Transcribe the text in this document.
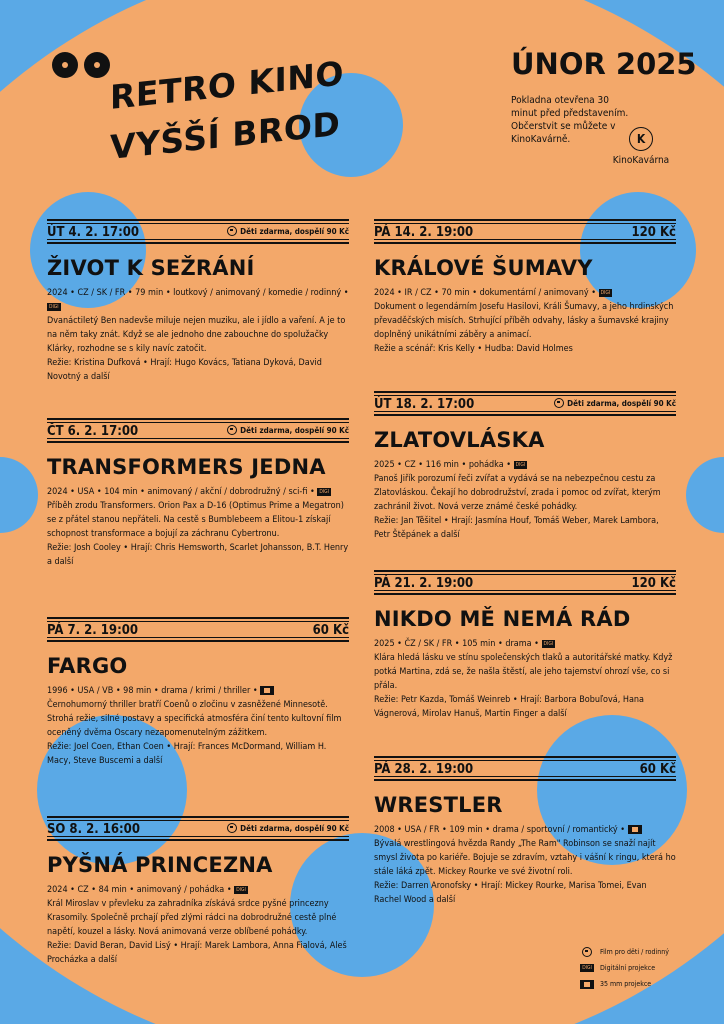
RETRO KINO
VYŠŠÍ BROD
ÚNOR 2025
Pokladna otevřena 30 minut před představením. Občerstvit se můžete v KinoKavárně.	K
KinoKavárna
Film pro děti / rodinný
DIGI Digitální projekce
35 mm projekce
ÚT 4. 2. 17:00	Děti zdarma, dospělí 90 Kč
ŽIVOT K SEŽRÁNÍ
2024 • CZ / SK / FR • 79 min • loutkový / animovaný / komedie / rodinný • DIGI
Dvanáctiletý Ben nadevše miluje nejen muziku, ale i jídlo a vaření. A je to na něm taky znát. Když se ale jednoho dne zabouchne do spolužačky Klárky, rozhodne se s kily navíc zatočit.
Režie: Kristina Dufková • Hrají: Hugo Kovács, Tatiana Dyková, David Novotný a další
ČT 6. 2. 17:00	Děti zdarma, dospělí 90 Kč
TRANSFORMERS JEDNA
2024 • USA • 104 min • animovaný / akční / dobrodružný / sci-fi • DIGI
Příběh zrodu Transformers. Orion Pax a D-16 (Optimus Prime a Megatron) se z přátel stanou nepřáteli. Na cestě s Bumblebeem a Elitou-1 získají schopnost transformace a bojují za záchranu Cybertronu.
Režie: Josh Cooley • Hrají: Chris Hemsworth, Scarlet Johansson, B.T. Henry a další
PÁ 7. 2. 19:00	60 Kč
FARGO
1996 • USA / VB • 98 min • drama / krimi / thriller •
Černohumorný thriller bratří Coenů o zločinu v zasněžené Minnesotě. Strohá režie, silné postavy a specifická atmosféra činí tento kultovní film oceněný dvěma Oscary nezapomenutelným zážitkem.
Režie: Joel Coen, Ethan Coen • Hrají: Frances McDormand, William H. Macy, Steve Buscemi a další
SO 8. 2. 16:00	Děti zdarma, dospělí 90 Kč
PYŠNÁ PRINCEZNA
2024 • CZ • 84 min • animovaný / pohádka • DIGI
Král Miroslav v převleku za zahradníka získává srdce pyšné princezny Krasomily. Společně prchají před zlými rádci na dobrodružné cestě plné napětí, kouzel a lásky. Nová animovaná verze oblíbené pohádky.
Režie: David Beran, David Lisý • Hrají: Marek Lambora, Anna Fialová, Aleš Procházka a další
PÁ 14. 2. 19:00	120 Kč
KRÁLOVÉ ŠUMAVY
2024 • IR / CZ • 70 min • dokumentární / animovaný • DIGI
Dokument o legendárním Josefu Hasilovi, Králi Šumavy, a jeho hrdinských převaděčských misích. Strhující příběh odvahy, lásky a šumavské krajiny doplněný unikátními záběry a animací.
Režie a scénář: Kris Kelly • Hudba: David Holmes
ÚT 18. 2. 17:00	Děti zdarma, dospělí 90 Kč
ZLATOVLÁSKA
2025 • CZ • 116 min • pohádka • DIGI
Panoš Jiřík porozumí řeči zvířat a vydává se na nebezpečnou cestu za Zlatovláskou. Čekají ho dobrodružství, zrada i pomoc od zvířat, kterým zachránil život. Nová verze známé české pohádky.
Režie: Jan Těšitel • Hrají: Jasmína Houf, Tomáš Weber, Marek Lambora, Petr Štěpánek a další
PÁ 21. 2. 19:00	120 Kč
NIKDO MĚ NEMÁ RÁD
2025 • ČZ / SK / FR • 105 min • drama • DIGI
Klára hledá lásku ve stínu společenských tlaků a autoritářské matky. Když potká Martina, zdá se, že našla štěstí, ale jeho tajemství ohrozí vše, co si přála.
Režie: Petr Kazda, Tomáš Weinreb • Hrají: Barbora Bobuľová, Hana Vágnerová, Mirolav Hanuš, Martin Finger a další
PÁ 28. 2. 19:00	60 Kč
WRESTLER
2008 • USA / FR • 109 min • drama / sportovní / romantický •
Bývalá wrestlingová hvězda Randy „The Ram" Robinson se snaží najít smysl života po kariéře. Bojuje se zdravím, vztahy i vášní k ringu, která ho stále láká zpět. Mickey Rourke ve své životní roli.
Režie: Darren Aronofsky • Hrají: Mickey Rourke, Marisa Tomei, Evan Rachel Wood a další
